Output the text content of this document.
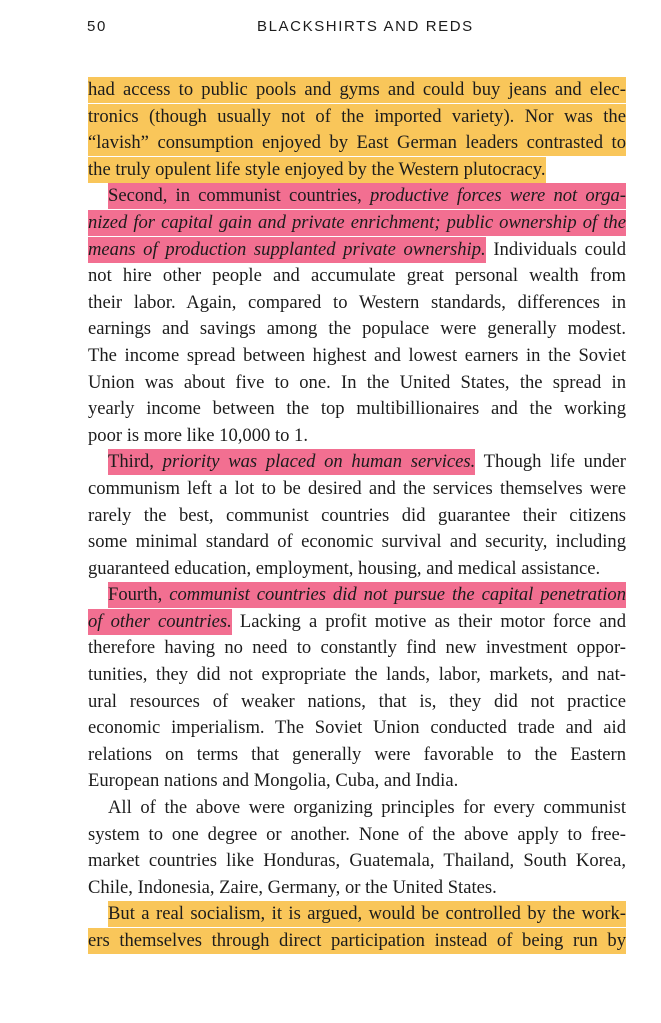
50	BLACKSHIRTS AND REDS
had access to public pools and gyms and could buy jeans and elec-
tronics (though usually not of the imported variety). Nor was the
“lavish” consumption enjoyed by East German leaders contrasted to
the truly opulent life style enjoyed by the Western plutocracy.
Second, in communist countries, productive forces were not orga-
nized for capital gain and private enrichment; public ownership of the
means of production supplanted private ownership. Individuals could
not hire other people and accumulate great personal wealth from
their labor. Again, compared to Western standards, differences in
earnings and savings among the populace were generally modest.
The income spread between highest and lowest earners in the Soviet
Union was about five to one. In the United States, the spread in
yearly income between the top multibillionaires and the working
poor is more like 10,000 to 1.
Third, priority was placed on human services. Though life under
communism left a lot to be desired and the services themselves were
rarely the best, communist countries did guarantee their citizens
some minimal standard of economic survival and security, including
guaranteed education, employment, housing, and medical assistance.
Fourth, communist countries did not pursue the capital penetration
of other countries. Lacking a profit motive as their motor force and
therefore having no need to constantly find new investment oppor-
tunities, they did not expropriate the lands, labor, markets, and nat-
ural resources of weaker nations, that is, they did not practice
economic imperialism. The Soviet Union conducted trade and aid
relations on terms that generally were favorable to the Eastern
European nations and Mongolia, Cuba, and India.
All of the above were organizing principles for every communist
system to one degree or another. None of the above apply to free-
market countries like Honduras, Guatemala, Thailand, South Korea,
Chile, Indonesia, Zaire, Germany, or the United States.
But a real socialism, it is argued, would be controlled by the work-
ers themselves through direct participation instead of being run by
